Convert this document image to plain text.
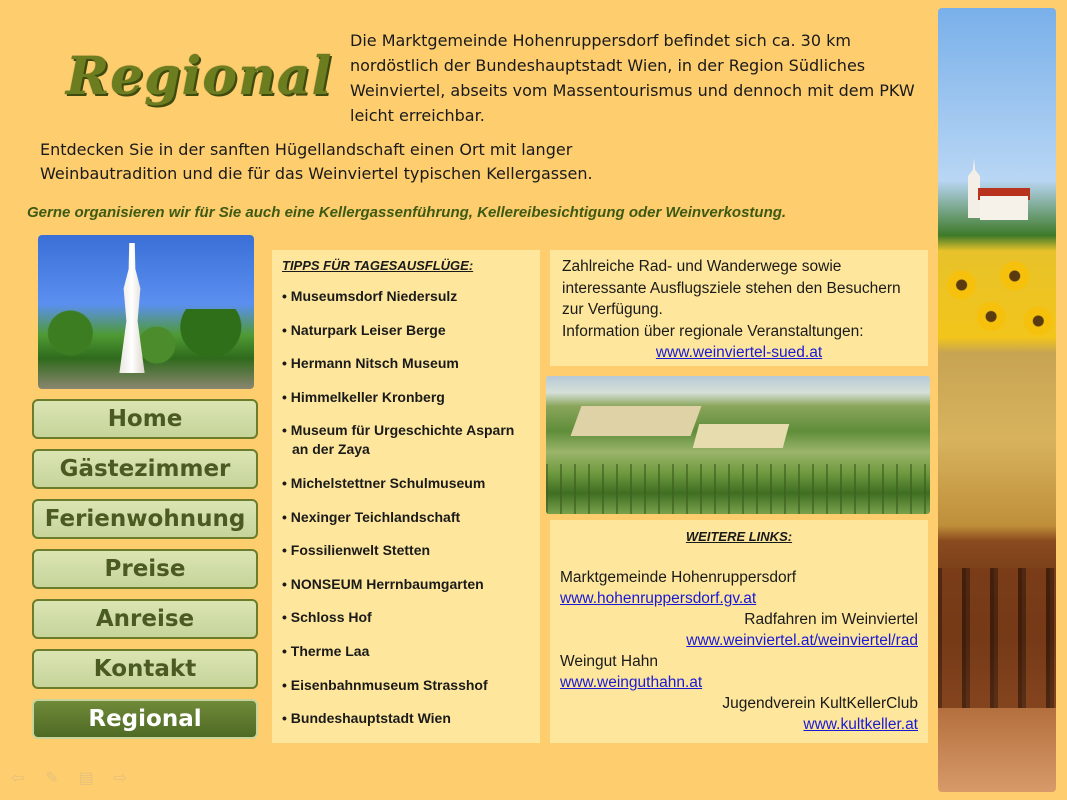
Regional
Die Marktgemeinde Hohenruppersdorf befindet sich ca. 30 km nordöstlich der Bundeshauptstadt Wien, in der Region Südliches Weinviertel, abseits vom Massentourismus und dennoch mit dem PKW leicht erreichbar.
Entdecken Sie in der sanften Hügellandschaft einen Ort mit langer Weinbautradition und die für das Weinviertel typischen Kellergassen.
Gerne organisieren wir für Sie auch eine Kellergassenführung, Kellereibesichtigung oder Weinverkostung.
Home
Gästezimmer
Ferienwohnung
Preise
Anreise
Kontakt
Regional
TIPPS FÜR TAGESAUSFLÜGE:
• Museumsdorf Niedersulz
• Naturpark Leiser Berge
• Hermann Nitsch Museum
• Himmelkeller Kronberg
• Museum für Urgeschichte Asparn an der Zaya
• Michelstettner Schulmuseum
• Nexinger Teichlandschaft
• Fossilienwelt Stetten
• NONSEUM Herrnbaumgarten
• Schloss Hof
• Therme Laa
• Eisenbahnmuseum Strasshof
• Bundeshauptstadt Wien
Zahlreiche Rad- und Wanderwege sowie interessante Ausflugsziele stehen den Besuchern zur Verfügung.
Information über regionale Veranstaltungen:
www.weinviertel-sued.at
WEITERE LINKS:
Marktgemeinde Hohenruppersdorf
www.hohenruppersdorf.gv.at
Radfahren im Weinviertel
www.weinviertel.at/weinviertel/rad
Weingut Hahn
www.weinguthahn.at
Jugendverein KultKellerClub
www.kultkeller.at
⇦ ✎ ▤ ⇨
